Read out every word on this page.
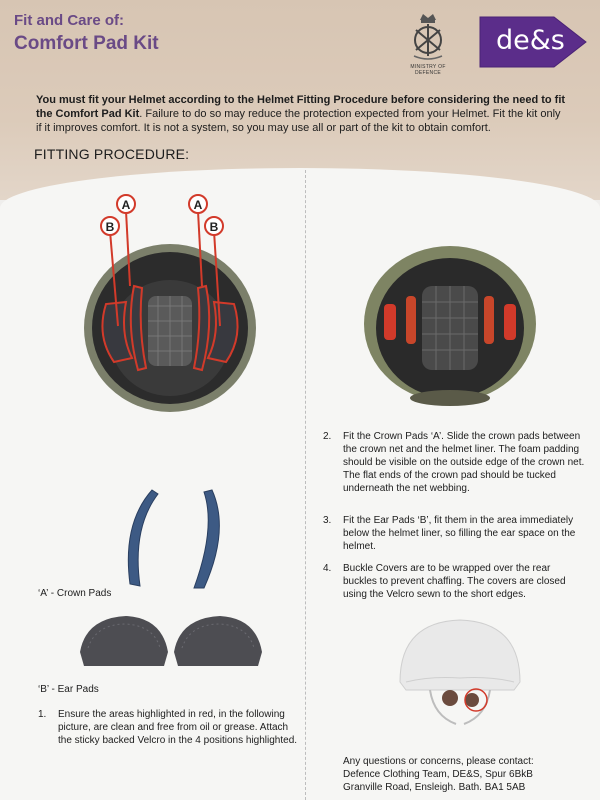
Fit and Care of:
Comfort Pad Kit
MINISTRY OF DEFENCE
de&s
You must fit your Helmet according to the Helmet Fitting Procedure before considering the need to fit the Comfort Pad Kit. Failure to do so may reduce the protection expected from your Helmet. Fit the kit only if it improves comfort. It is not a system, so you may use all or part of the kit to obtain comfort.
FITTING PROCEDURE:
B
A	A
B
‘A’ - Crown Pads
‘B’ - Ear Pads
1. Ensure the areas highlighted in red, in the following picture, are clean and free from oil or grease. Attach the sticky backed Velcro in the 4 positions highlighted.
2. Fit the Crown Pads ‘A’. Slide the crown pads between the crown net and the helmet liner. The foam padding should be visible on the outside edge of the crown net. The flat ends of the crown pad should be tucked underneath the net webbing.
3. Fit the Ear Pads ‘B’, fit them in the area immediately below the helmet liner, so filling the ear space on the helmet.
4. Buckle Covers are to be wrapped over the rear buckles to prevent chaffing. The covers are closed using the Velcro sewn to the short edges.
Any questions or concerns, please contact:
Defence Clothing Team, DE&S, Spur 6BkB
Granville Road, Ensleigh. Bath. BA1 5AB
